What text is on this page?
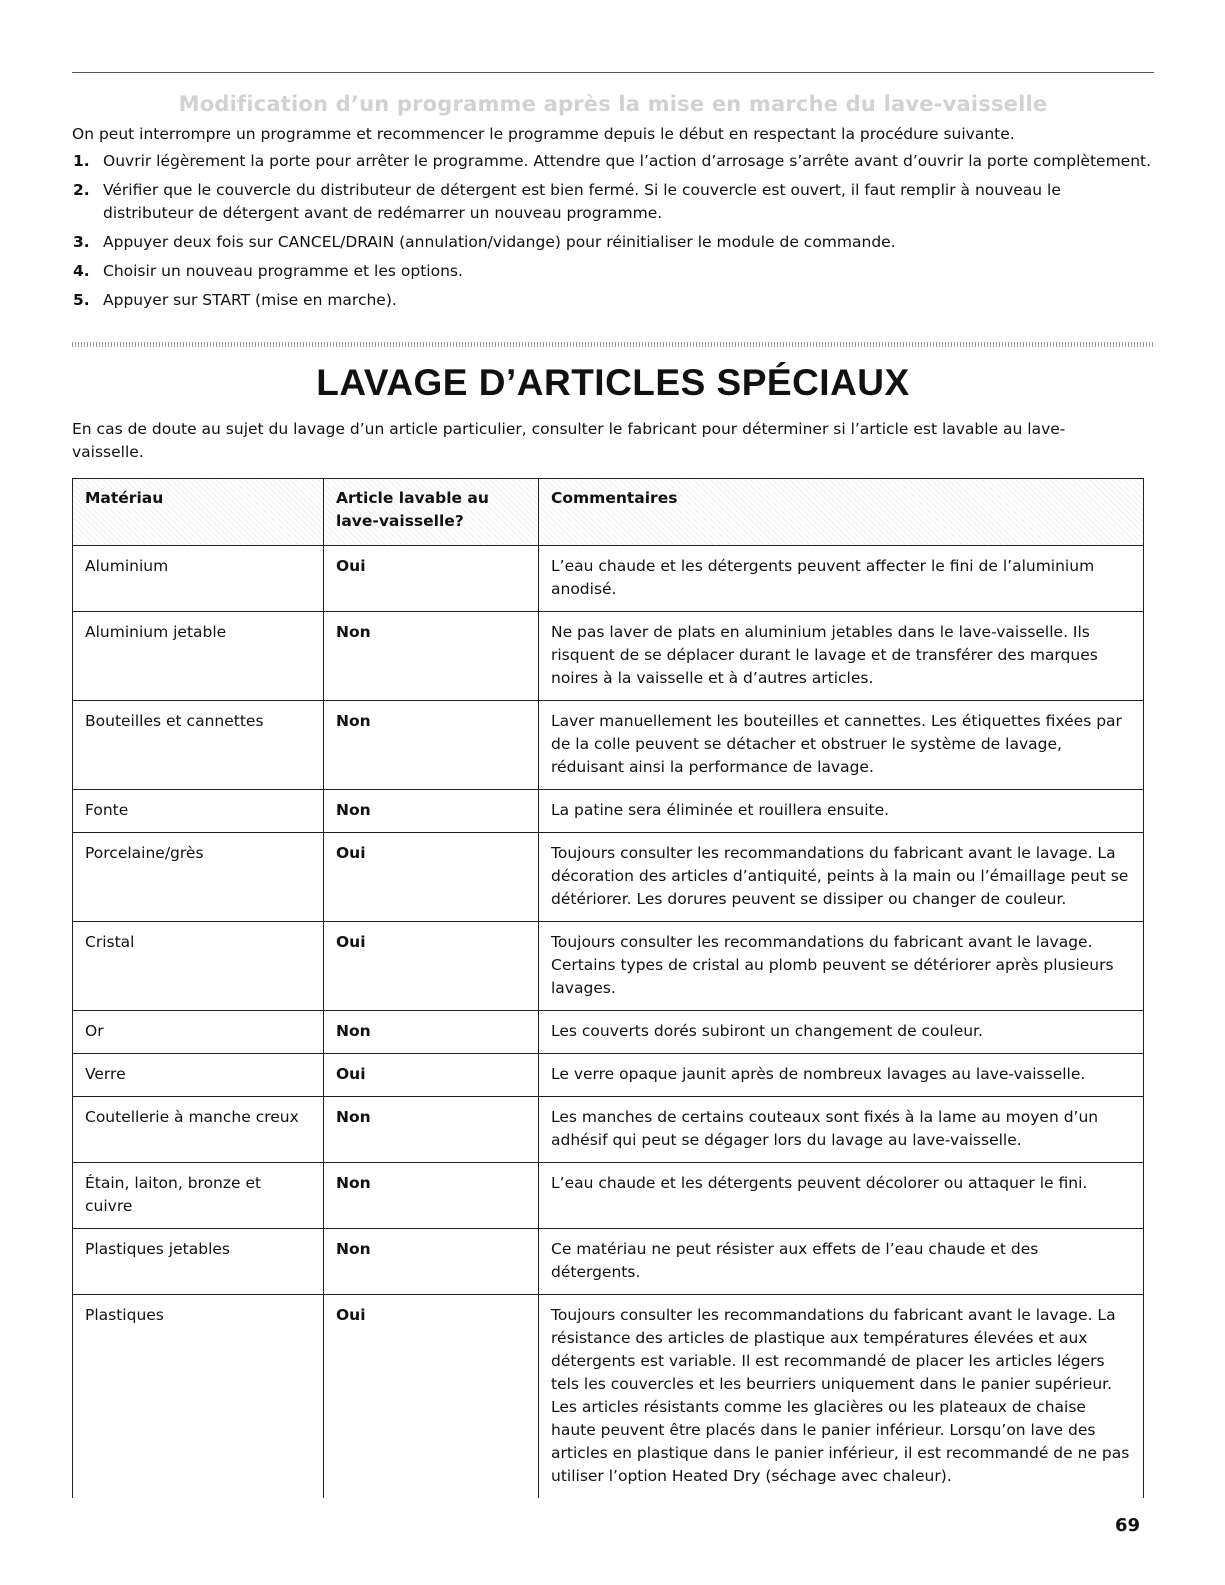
Modification d’un programme après la mise en marche du lave-vaisselle
On peut interrompre un programme et recommencer le programme depuis le début en respectant la procédure suivante.
1. Ouvrir légèrement la porte pour arrêter le programme. Attendre que l’action d’arrosage s’arrête avant d’ouvrir la porte complètement.
2. Vérifier que le couvercle du distributeur de détergent est bien fermé. Si le couvercle est ouvert, il faut remplir à nouveau le distributeur de détergent avant de redémarrer un nouveau programme.
3. Appuyer deux fois sur CANCEL/DRAIN (annulation/vidange) pour réinitialiser le module de commande.
4. Choisir un nouveau programme et les options.
5. Appuyer sur START (mise en marche).
LAVAGE D’ARTICLES SPÉCIAUX
En cas de doute au sujet du lavage d’un article particulier, consulter le fabricant pour déterminer si l’article est lavable au lave-vaisselle.
Matériau	Article lavable au lave-vaisselle?	Commentaires
Aluminium	Oui	L’eau chaude et les détergents peuvent affecter le fini de l’aluminium anodisé.
Aluminium jetable	Non	Ne pas laver de plats en aluminium jetables dans le lave-vaisselle. Ils risquent de se déplacer durant le lavage et de transférer des marques noires à la vaisselle et à d’autres articles.
Bouteilles et cannettes	Non	Laver manuellement les bouteilles et cannettes. Les étiquettes fixées par de la colle peuvent se détacher et obstruer le système de lavage, réduisant ainsi la performance de lavage.
Fonte	Non	La patine sera éliminée et rouillera ensuite.
Porcelaine/grès	Oui	Toujours consulter les recommandations du fabricant avant le lavage. La décoration des articles d’antiquité, peints à la main ou l’émaillage peut se détériorer. Les dorures peuvent se dissiper ou changer de couleur.
Cristal	Oui	Toujours consulter les recommandations du fabricant avant le lavage. Certains types de cristal au plomb peuvent se détériorer après plusieurs lavages.
Or	Non	Les couverts dorés subiront un changement de couleur.
Verre	Oui	Le verre opaque jaunit après de nombreux lavages au lave-vaisselle.
Coutellerie à manche creux	Non	Les manches de certains couteaux sont fixés à la lame au moyen d’un adhésif qui peut se dégager lors du lavage au lave-vaisselle.
Étain, laiton, bronze et cuivre	Non	L’eau chaude et les détergents peuvent décolorer ou attaquer le fini.
Plastiques jetables	Non	Ce matériau ne peut résister aux effets de l’eau chaude et des détergents.
Plastiques	Oui	Toujours consulter les recommandations du fabricant avant le lavage. La résistance des articles de plastique aux températures élevées et aux détergents est variable. Il est recommandé de placer les articles légers tels les couvercles et les beurriers uniquement dans le panier supérieur. Les articles résistants comme les glacières ou les plateaux de chaise haute peuvent être placés dans le panier inférieur. Lorsqu’on lave des articles en plastique dans le panier inférieur, il est recommandé de ne pas utiliser l’option Heated Dry (séchage avec chaleur).
69
